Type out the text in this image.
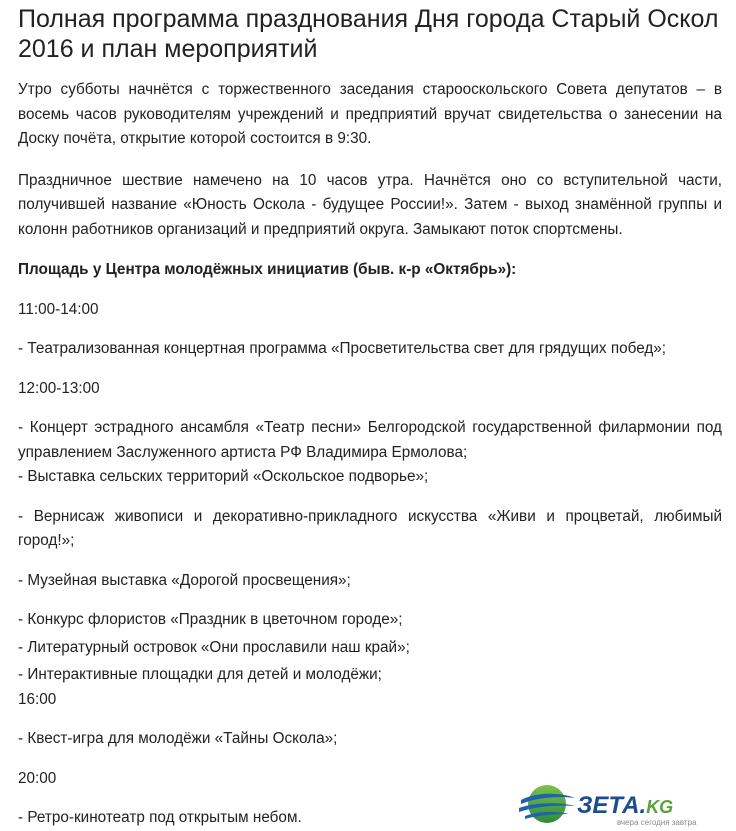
Полная программа празднования Дня города Старый Оскол 2016 и план мероприятий

Утро субботы начнётся с торжественного заседания старооскольского Совета депутатов – в восемь часов руководителям учреждений и предприятий вручат свидетельства о занесении на Доску почёта, открытие которой состоится в 9:30.

Праздничное шествие намечено на 10 часов утра. Начнётся оно со вступительной части, получившей название «Юность Оскола - будущее России!». Затем - выход знамённой группы и колонн работников организаций и предприятий округа. Замыкают поток спортсмены.

Площадь у Центра молодёжных инициатив (быв. к-р «Октябрь»):

11:00-14:00

- Театрализованная концертная программа «Просветительства свет для грядущих побед»;

12:00-13:00

- Концерт эстрадного ансамбля «Театр песни» Белгородской государственной филармонии под управлением Заслуженного артиста РФ Владимира Ермолова;

- Выставка сельских территорий «Оскольское подворье»;

- Вернисаж живописи и декоративно-прикладного искусства «Живи и процветай, любимый город!»;

- Музейная выставка «Дорогой просвещения»;

- Конкурс флористов «Праздник в цветочном городе»;

- Литературный островок «Они прославили наш край»;

- Интерактивные площадки для детей и молодёжи;

16:00

- Квест-игра для молодёжи «Тайны Оскола»;

20:00

- Ретро-кинотеатр под открытым небом.	ЗЕТА.KG
вчера сегодня завтра
